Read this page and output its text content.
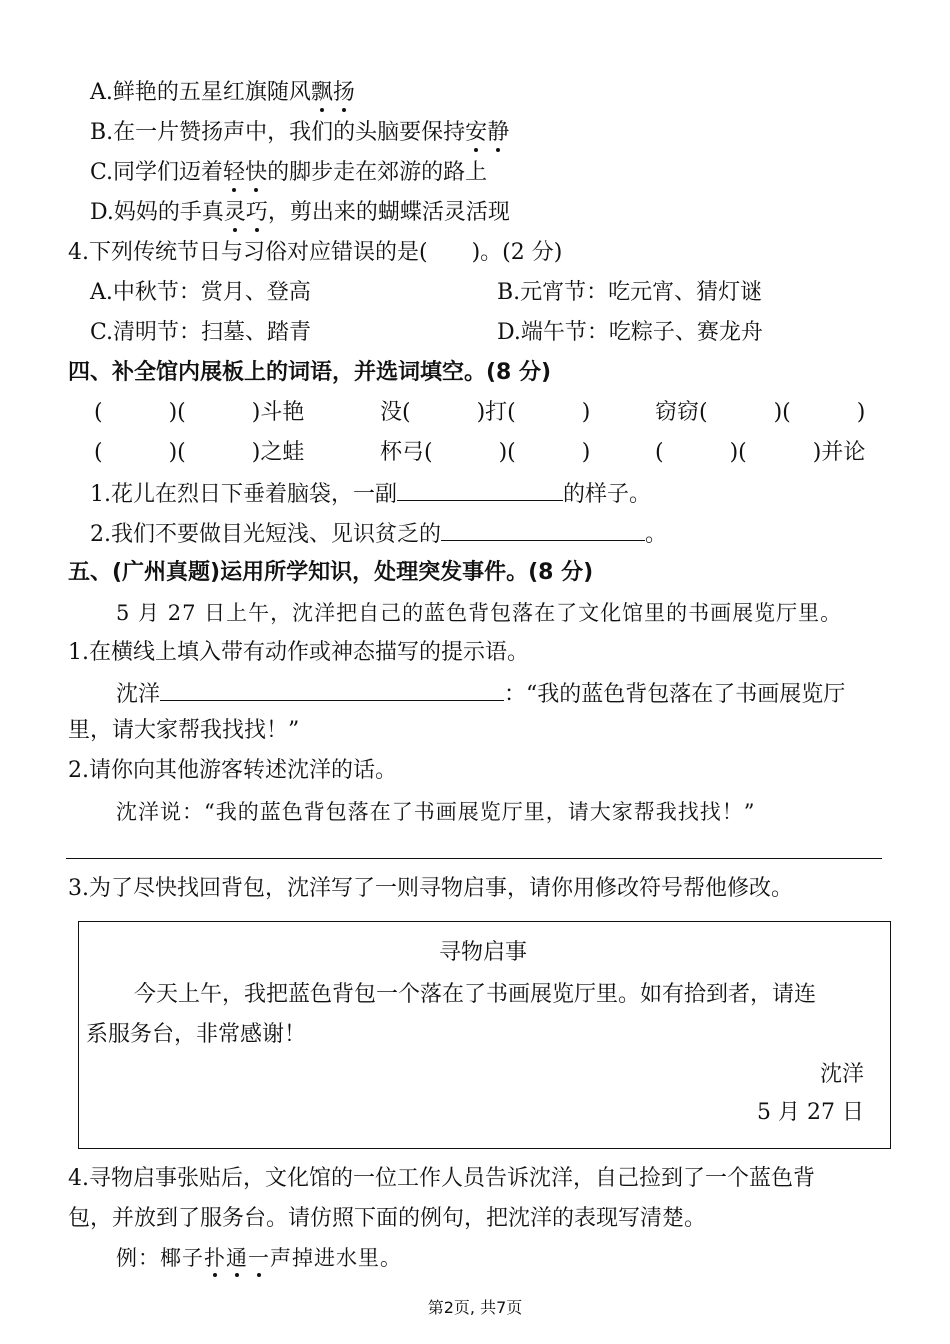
A.鲜艳的五星红旗随风飘扬
B.在一片赞扬声中，我们的头脑要保持安静
C.同学们迈着轻快的脚步走在郊游的路上
D.妈妈的手真灵巧，剪出来的蝴蝶活灵活现
4.下列传统节日与习俗对应错误的是(　　)。(2 分)
A.中秋节：赏月、登高	B.元宵节：吃元宵、猜灯谜
C.清明节：扫墓、踏青	D.端午节：吃粽子、赛龙舟
四、补全馆内展板上的词语，并选词填空。(8 分)
(　　　)(　　　)斗艳	没(　　　)打(　　　)	窃窃(　　　)(　　　)
(　　　)(　　　)之蛙	杯弓(　　　)(　　　)	(　　　)(　　　)并论
1.花儿在烈日下垂着脑袋，一副	的样子。
2.我们不要做目光短浅、见识贫乏的	。
五、(广州真题)运用所学知识，处理突发事件。(8 分)
5 月 27 日上午，沈洋把自己的蓝色背包落在了文化馆里的书画展览厅里。
1.在横线上填入带有动作或神态描写的提示语。
沈洋	：“我的蓝色背包落在了书画展览厅
里，请大家帮我找找！”
2.请你向其他游客转述沈洋的话。
沈洋说：“我的蓝色背包落在了书画展览厅里，请大家帮我找找！”
3.为了尽快找回背包，沈洋写了一则寻物启事，请你用修改符号帮他修改。
寻物启事
今天上午，我把蓝色背包一个落在了书画展览厅里。如有拾到者，请连
系服务台，非常感谢！
沈洋
5 月 27 日
4.寻物启事张贴后，文化馆的一位工作人员告诉沈洋，自己捡到了一个蓝色背
包，并放到了服务台。请仿照下面的例句，把沈洋的表现写清楚。
例：椰子扑通一声掉进水里。
第2页, 共7页
